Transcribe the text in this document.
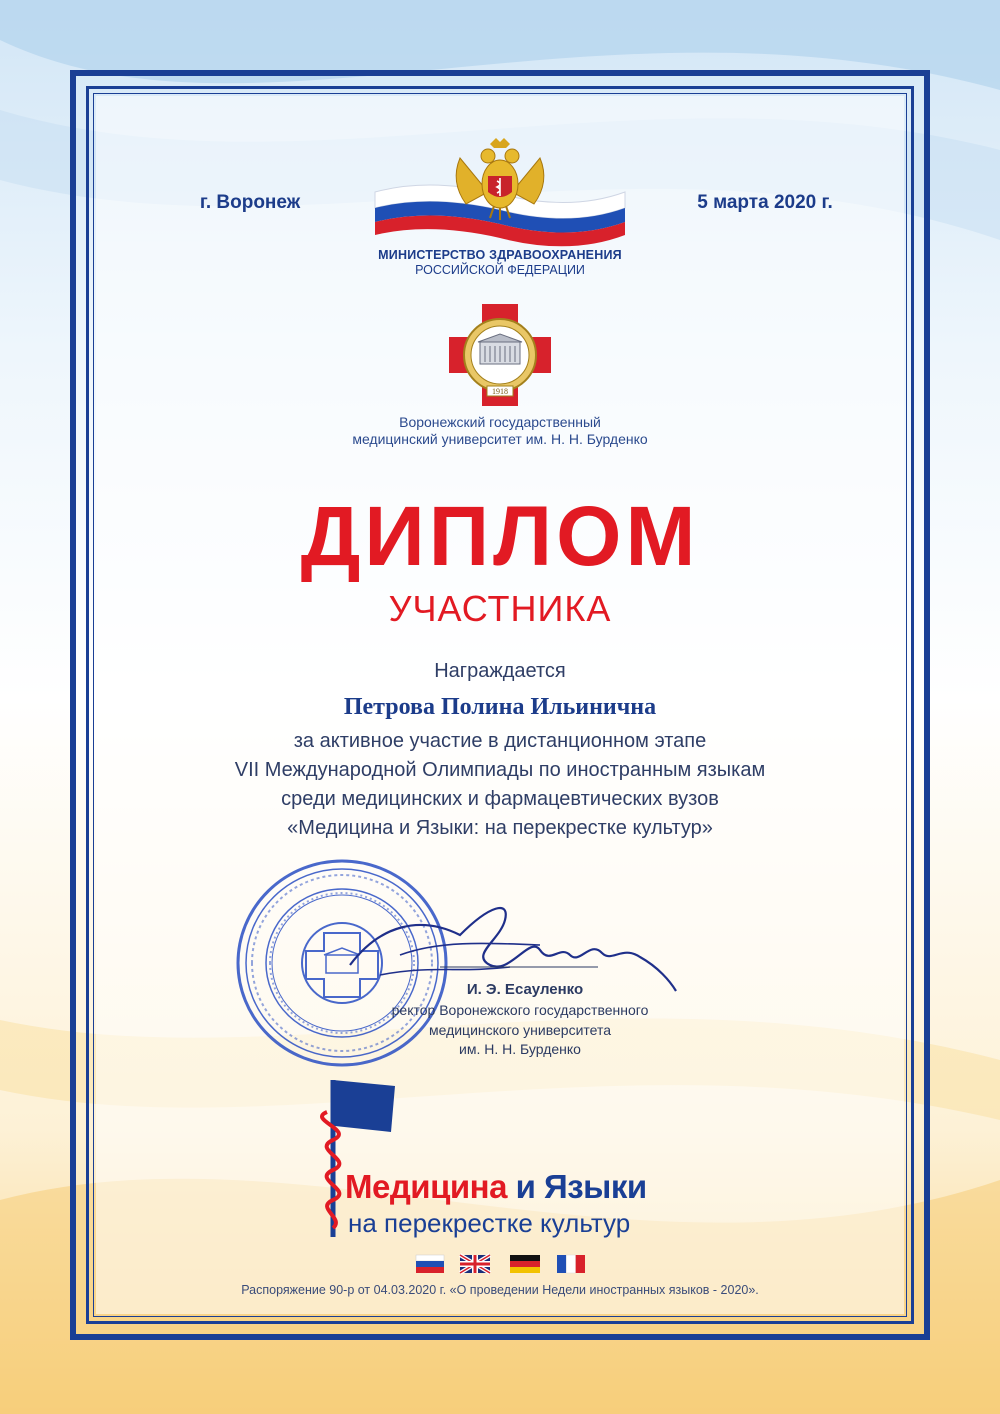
г. Воронеж	5 марта 2020 г.
МИНИСТЕРСТВО ЗДРАВООХРАНЕНИЯ
РОССИЙСКОЙ ФЕДЕРАЦИИ
1918
Воронежский государственный
медицинский университет им. Н. Н. Бурденко
ДИПЛОМ
УЧАСТНИКА
Награждается
Петрова Полина Ильинична
за активное участие в дистанционном этапе
VII Международной Олимпиады по иностранным языкам
среди медицинских и фармацевтических вузов
«Медицина и Языки: на перекрестке культур»
И. Э. Есауленко
ректор Воронежского государственного
медицинского университета
им. Н. Н. Бурденко
Медицина и Языки
на перекрестке культур
Распоряжение 90-р от 04.03.2020 г. «О проведении Недели иностранных языков - 2020».
